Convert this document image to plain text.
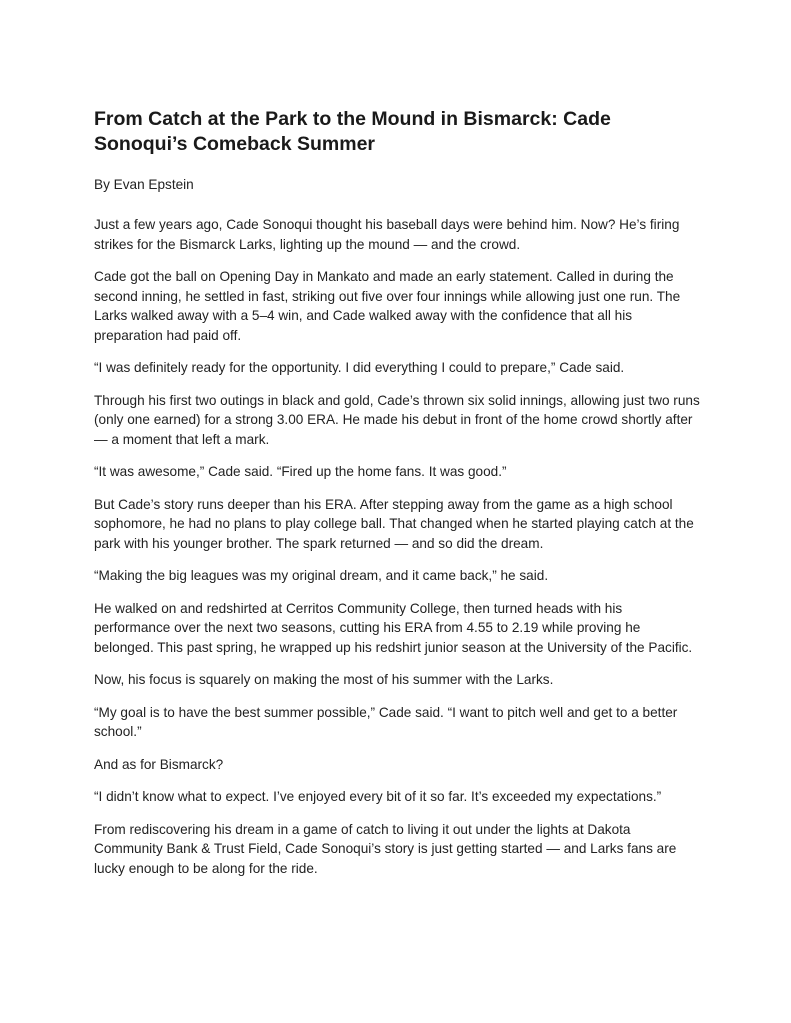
From Catch at the Park to the Mound in Bismarck: Cade Sonoqui’s Comeback Summer

By Evan Epstein

Just a few years ago, Cade Sonoqui thought his baseball days were behind him. Now? He’s firing strikes for the Bismarck Larks, lighting up the mound — and the crowd.

Cade got the ball on Opening Day in Mankato and made an early statement. Called in during the second inning, he settled in fast, striking out five over four innings while allowing just one run. The Larks walked away with a 5–4 win, and Cade walked away with the confidence that all his preparation had paid off.

“I was definitely ready for the opportunity. I did everything I could to prepare,” Cade said.

Through his first two outings in black and gold, Cade’s thrown six solid innings, allowing just two runs (only one earned) for a strong 3.00 ERA. He made his debut in front of the home crowd shortly after — a moment that left a mark.

“It was awesome,” Cade said. “Fired up the home fans. It was good.”

But Cade’s story runs deeper than his ERA. After stepping away from the game as a high school sophomore, he had no plans to play college ball. That changed when he started playing catch at the park with his younger brother. The spark returned — and so did the dream.

“Making the big leagues was my original dream, and it came back,” he said.

He walked on and redshirted at Cerritos Community College, then turned heads with his performance over the next two seasons, cutting his ERA from 4.55 to 2.19 while proving he belonged. This past spring, he wrapped up his redshirt junior season at the University of the Pacific.

Now, his focus is squarely on making the most of his summer with the Larks.

“My goal is to have the best summer possible,” Cade said. “I want to pitch well and get to a better school.”

And as for Bismarck?

“I didn’t know what to expect. I’ve enjoyed every bit of it so far. It’s exceeded my expectations.”

From rediscovering his dream in a game of catch to living it out under the lights at Dakota Community Bank & Trust Field, Cade Sonoqui’s story is just getting started — and Larks fans are lucky enough to be along for the ride.
